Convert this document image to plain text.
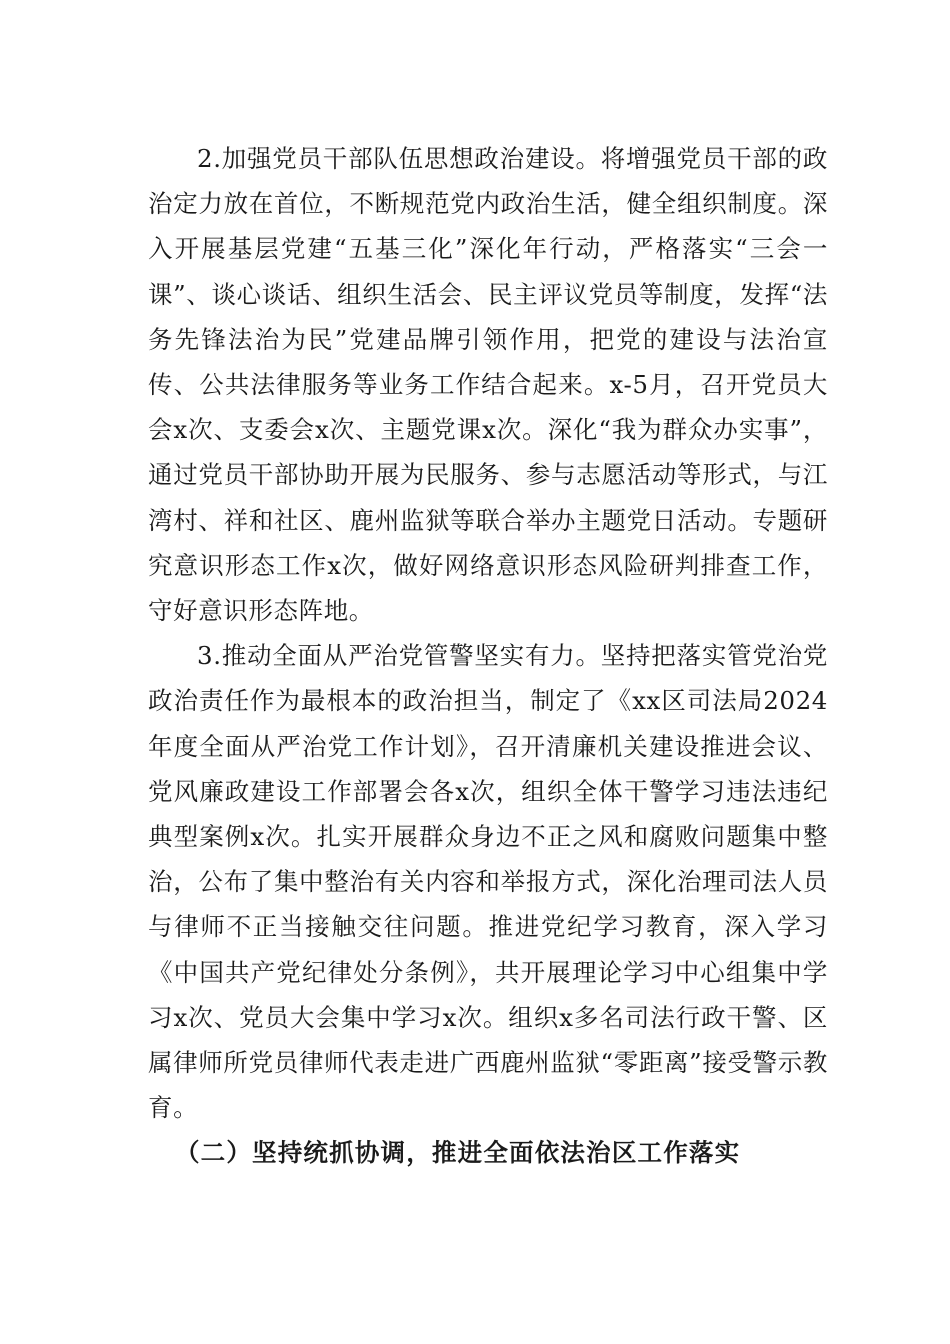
2.加强党员干部队伍思想政治建设。将增强党员干部的政治定力放在首位，不断规范党内政治生活，健全组织制度。深入开展基层党建“五基三化”深化年行动，严格落实“三会一课”、谈心谈话、组织生活会、民主评议党员等制度，发挥“法务先锋法治为民”党建品牌引领作用，把党的建设与法治宣传、公共法律服务等业务工作结合起来。x-5月，召开党员大会x次、支委会x次、主题党课x次。深化“我为群众办实事”，通过党员干部协助开展为民服务、参与志愿活动等形式，与江湾村、祥和社区、鹿州监狱等联合举办主题党日活动。专题研究意识形态工作x次，做好网络意识形态风险研判排查工作，守好意识形态阵地。

3.推动全面从严治党管警坚实有力。坚持把落实管党治党政治责任作为最根本的政治担当，制定了《xx区司法局2024年度全面从严治党工作计划》，召开清廉机关建设推进会议、党风廉政建设工作部署会各x次，组织全体干警学习违法违纪典型案例x次。扎实开展群众身边不正之风和腐败问题集中整治，公布了集中整治有关内容和举报方式，深化治理司法人员与律师不正当接触交往问题。推进党纪学习教育，深入学习《中国共产党纪律处分条例》，共开展理论学习中心组集中学习x次、党员大会集中学习x次。组织x多名司法行政干警、区属律师所党员律师代表走进广西鹿州监狱“零距离”接受警示教育。

（二）坚持统抓协调，推进全面依法治区工作落实
